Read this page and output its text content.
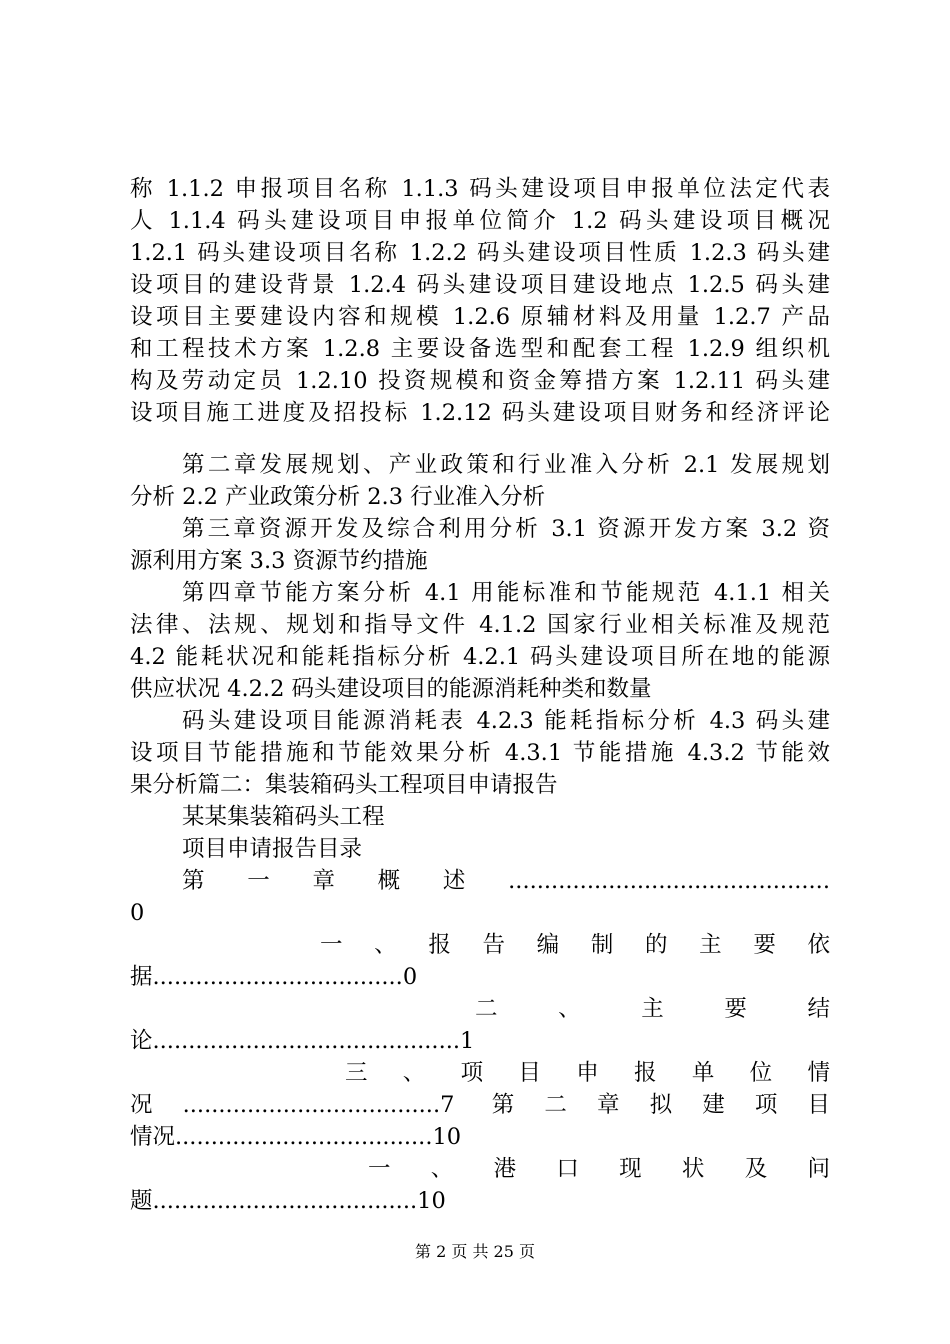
称 1.1.2 申报项目名称 1.1.3 码头建设项目申报单位法定代表
人 1.1.4 码头建设项目申报单位简介 1.2 码头建设项目概况
1.2.1 码头建设项目名称 1.2.2 码头建设项目性质 1.2.3 码头建
设项目的建设背景 1.2.4 码头建设项目建设地点 1.2.5 码头建
设项目主要建设内容和规模 1.2.6 原辅材料及用量 1.2.7 产品
和工程技术方案 1.2.8 主要设备选型和配套工程 1.2.9 组织机
构及劳动定员 1.2.10 投资规模和资金筹措方案 1.2.11 码头建
设项目施工进度及招投标 1.2.12 码头建设项目财务和经济评论
第二章发展规划、产业政策和行业准入分析 2.1 发展规划
分析 2.2 产业政策分析 2.3 行业准入分析
第三章资源开发及综合利用分析 3.1 资源开发方案 3.2 资
源利用方案 3.3 资源节约措施
第四章节能方案分析 4.1 用能标准和节能规范 4.1.1 相关
法律、法规、规划和指导文件 4.1.2 国家行业相关标准及规范
4.2 能耗状况和能耗指标分析 4.2.1 码头建设项目所在地的能源
供应状况 4.2.2 码头建设项目的能源消耗种类和数量
码头建设项目能源消耗表 4.2.3 能耗指标分析 4.3 码头建
设项目节能措施和节能效果分析 4.3.1 节能措施 4.3.2 节能效
果分析篇二：集装箱码头工程项目申请报告
某某集装箱码头工程
项目申请报告目录
第一章概述.............................................
0
一 、 报 告 编 制 的 主 要 依
据...................................0
二 、 主 要 结
论...........................................1
三 、 项 目 申 报 单 位 情
况....................................7 第二章拟建项目
情况....................................10
一 、 港 口 现 状 及 问
题.....................................10
第 2 页 共 25 页
